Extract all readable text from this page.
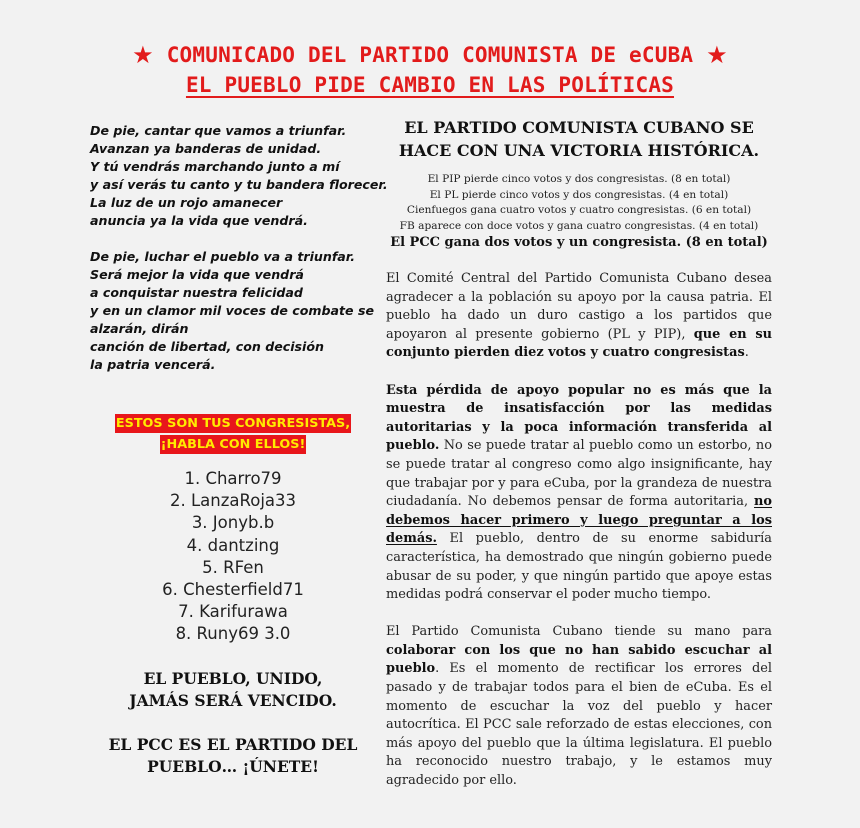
★ COMUNICADO DEL PARTIDO COMUNISTA DE eCUBA ★
EL PUEBLO PIDE CAMBIO EN LAS POLÍTICAS
De pie, cantar que vamos a triunfar.
Avanzan ya banderas de unidad.
Y tú vendrás marchando junto a mí
y así verás tu canto y tu bandera florecer.
La luz de un rojo amanecer
anuncia ya la vida que vendrá.
De pie, luchar el pueblo va a triunfar.
Será mejor la vida que vendrá
a conquistar nuestra felicidad
y en un clamor mil voces de combate se
alzarán, dirán
canción de libertad, con decisión
la patria vencerá.
ESTOS SON TUS CONGRESISTAS,
¡HABLA CON ELLOS!
1. Charro79
2. LanzaRoja33
3. Jonyb.b
4. dantzing
5. RFen
6. Chesterfield71
7. Karifurawa
8. Runy69 3.0
EL PUEBLO, UNIDO,
JAMÁS SERÁ VENCIDO.
EL PCC ES EL PARTIDO DEL
PUEBLO… ¡ÚNETE!
EL PARTIDO COMUNISTA CUBANO SE
HACE CON UNA VICTORIA HISTÓRICA.
El PIP pierde cinco votos y dos congresistas. (8 en total)
El PL pierde cinco votos y dos congresistas. (4 en total)
Cienfuegos gana cuatro votos y cuatro congresistas. (6 en total)
FB aparece con doce votos y gana cuatro congresistas. (4 en total)
El PCC gana dos votos y un congresista. (8 en total)

El Comité Central del Partido Comunista Cubano desea agradecer a la población su apoyo por la causa patria. El pueblo ha dado un duro castigo a los partidos que apoyaron al presente gobierno (PL y PIP), que en su conjunto pierden diez votos y cuatro congresistas.

Esta pérdida de apoyo popular no es más que la muestra de insatisfacción por las medidas autoritarias y la poca información transferida al pueblo. No se puede tratar al pueblo como un estorbo, no se puede tratar al congreso como algo insignificante, hay que trabajar por y para eCuba, por la grandeza de nuestra ciudadanía. No debemos pensar de forma autoritaria, no debemos hacer primero y luego preguntar a los demás. El pueblo, dentro de su enorme sabiduría característica, ha demostrado que ningún gobierno puede abusar de su poder, y que ningún partido que apoye estas medidas podrá conservar el poder mucho tiempo.

El Partido Comunista Cubano tiende su mano para colaborar con los que no han sabido escuchar al pueblo. Es el momento de rectificar los errores del pasado y de trabajar todos para el bien de eCuba. Es el momento de escuchar la voz del pueblo y hacer autocrítica. El PCC sale reforzado de estas elecciones, con más apoyo del pueblo que la última legislatura. El pueblo ha reconocido nuestro trabajo, y le estamos muy agradecido por ello.
